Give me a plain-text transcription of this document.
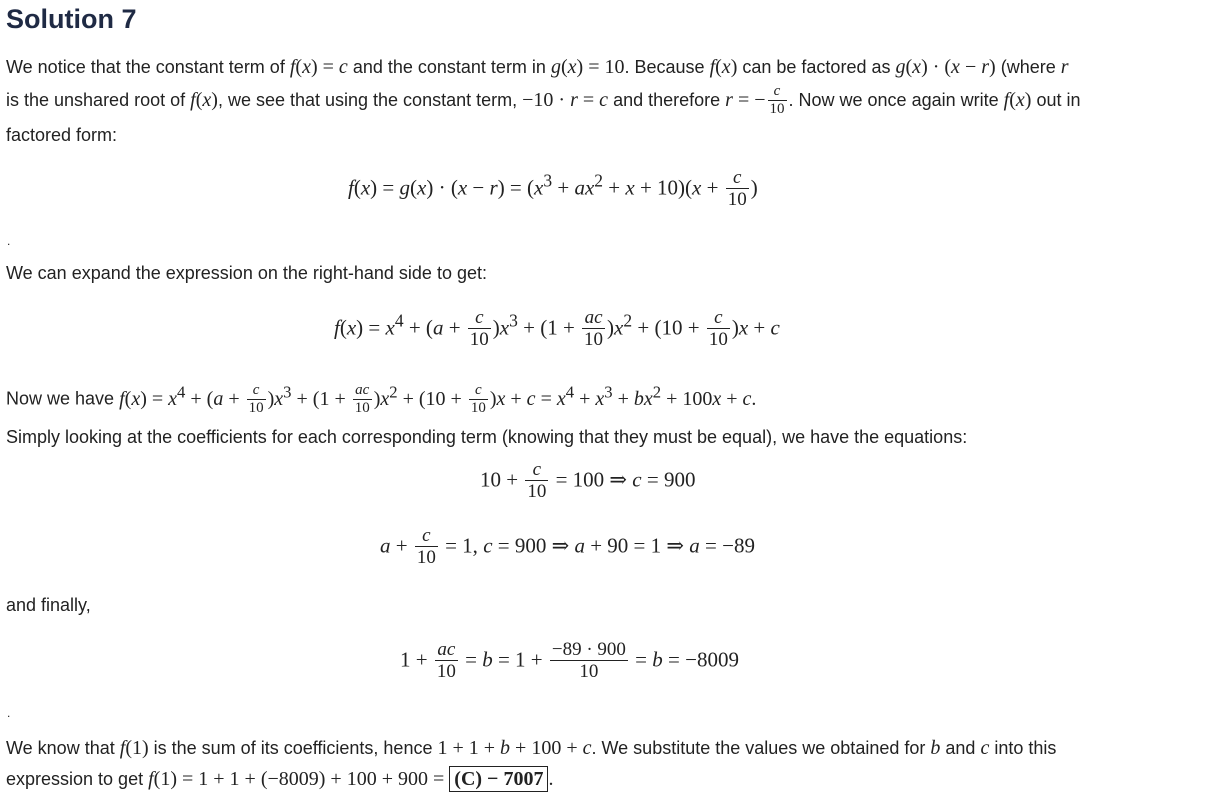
Solution 7
We notice that the constant term of f(x) = c and the constant term in g(x) = 10. Because f(x) can be factored as g(x) · (x − r) (where r
is the unshared root of f(x), we see that using the constant term, −10 · r = c and therefore r = − $\frac{c}{10}$ . Now we once again write f(x) out in
factored form:
$f(x) = g(x) \cdot (x - r) = (x^3 + ax^2 + x + 10)(x + \frac{c}{10}$ )
.
We can expand the expression on the right-hand side to get:
$f(x) = x^4 + (a + \frac{c}{10} )x^3 + (1 + \frac{ac}{10} )x^2 + (10 + \frac{c}{10} )x + c$
Now we have $f(x) = x^4 + (a + \frac{c}{10} )x^3 + (1 + \frac{ac}{10} )x^2 + (10 + \frac{c}{10} )x + c = x^4 + x^3 + bx^2 + 100x + c$.
Simply looking at the coefficients for each corresponding term (knowing that they must be equal), we have the equations:
$10 + \frac{c}{10} = 100$ ⇒ c = 900
$a + \frac{c}{10} = 1$, c = 900 ⇒ a + 90 = 1 ⇒ a = −89
and finally,
$1 + \frac{ac}{10} = b = 1 + \frac{-89 \cdot 900}{10} = b = -8009$
.
We know that f(1) is the sum of its coefficients, hence 1 + 1 + b + 100 + c. We substitute the values we obtained for b and c into this
expression to get f(1) = 1 + 1 + (−8009) + 100 + 900 = (C) − 7007 .
